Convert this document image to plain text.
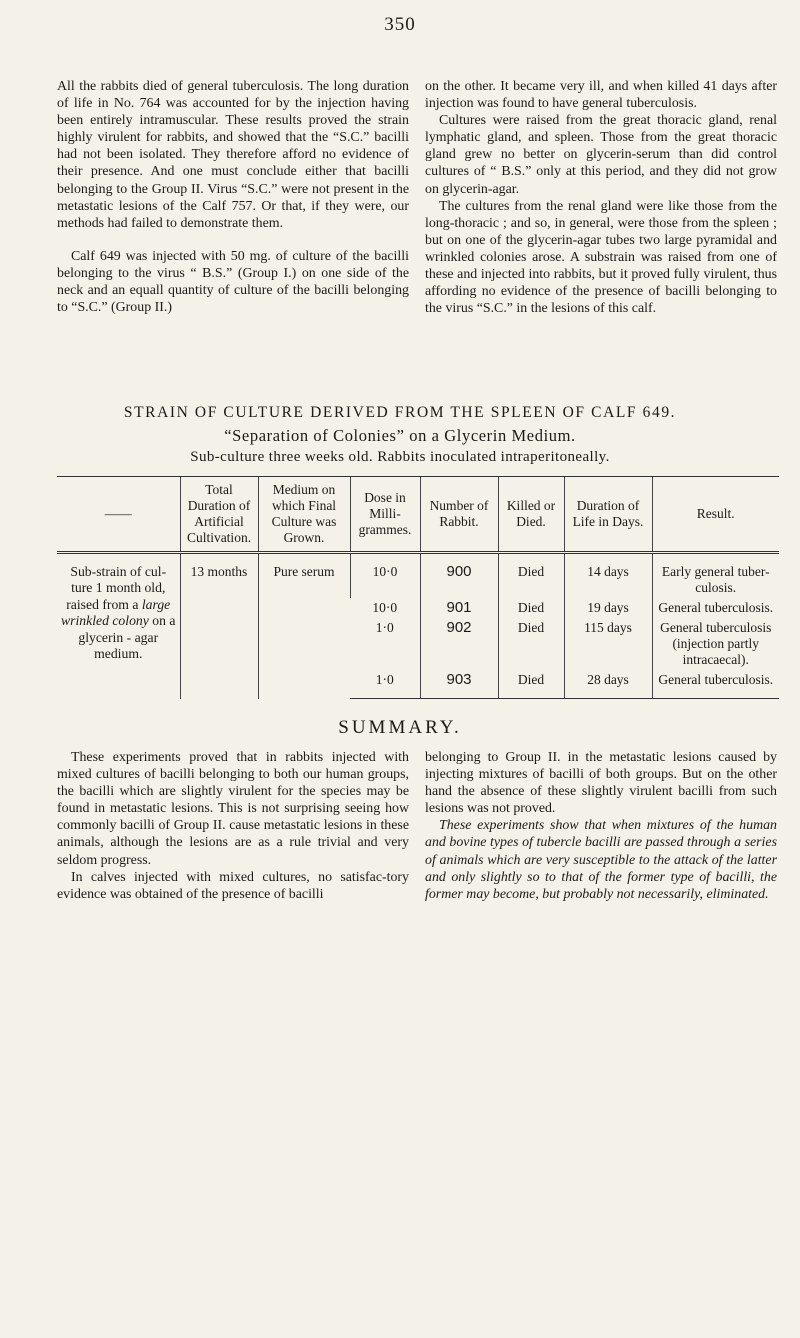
350

All the rabbits died of general tuberculosis. The long duration of life in No. 764 was accounted for by the injection having been entirely intramuscular. These results proved the strain highly virulent for rabbits, and showed that the “S.C.” bacilli had not been isolated. They therefore afford no evidence of their presence. And one must conclude either that bacilli belonging to the Group II. Virus “S.C.” were not present in the metastatic lesions of the Calf 757. Or that, if they were, our methods had failed to demonstrate them.

Calf 649 was injected with 50 mg. of culture of the bacilli belonging to the virus “ B.S.” (Group I.) on one side of the neck and an equall quantity of culture of the bacilli belonging to “S.C.” (Group II.)

on the other. It became very ill, and when killed 41 days after injection was found to have general tuberculosis.

Cultures were raised from the great thoracic gland, renal lymphatic gland, and spleen. Those from the great thoracic gland grew no better on glycerin-serum than did control cultures of “ B.S.” only at this period, and they did not grow on glycerin-agar.

The cultures from the renal gland were like those from the long-thoracic ; and so, in general, were those from the spleen ; but on one of the glycerin-agar tubes two large pyramidal and wrinkled colonies arose. A substrain was raised from one of these and injected into rabbits, but it proved fully virulent, thus affording no evidence of the presence of bacilli belonging to the virus “S.C.” in the lesions of this calf.

STRAIN OF CULTURE DERIVED FROM THE SPLEEN OF CALF 649.
“Separation of Colonies” on a Glycerin Medium.
Sub-culture three weeks old. Rabbits inoculated intraperitoneally.
——	Total Duration of Artificial Cultivation.	Medium on which Final Culture was Grown.	Dose in Milli-grammes.	Number of Rabbit.	Killed or Died.	Duration of Life in Days.	Result.
Sub-strain of cul- ture 1 month old, raised from a large wrinkled colony on a glycerin - agar medium.	13 months	Pure serum	10·0	900	Died	14 days	Early general tuber- culosis.
			10·0	901	Died	19 days	General tuberculosis.
			1·0	902	Died	115 days	General tuberculosis (injection partly intracaecal).
			1·0	903	Died	28 days	General tuberculosis.
SUMMARY.

These experiments proved that in rabbits injected with mixed cultures of bacilli belonging to both our human groups, the bacilli which are slightly virulent for the species may be found in metastatic lesions. This is not surprising seeing how commonly bacilli of Group II. cause metastatic lesions in these animals, although the lesions are as a rule trivial and very seldom progress.

In calves injected with mixed cultures, no satisfac-tory evidence was obtained of the presence of bacilli

belonging to Group II. in the metastatic lesions caused by injecting mixtures of bacilli of both groups. But on the other hand the absence of these slightly virulent bacilli from such lesions was not proved.

These experiments show that when mixtures of the human and bovine types of tubercle bacilli are passed through a series of animals which are very susceptible to the attack of the latter and only slightly so to that of the former type of bacilli, the former may become, but probably not necessarily, eliminated.
